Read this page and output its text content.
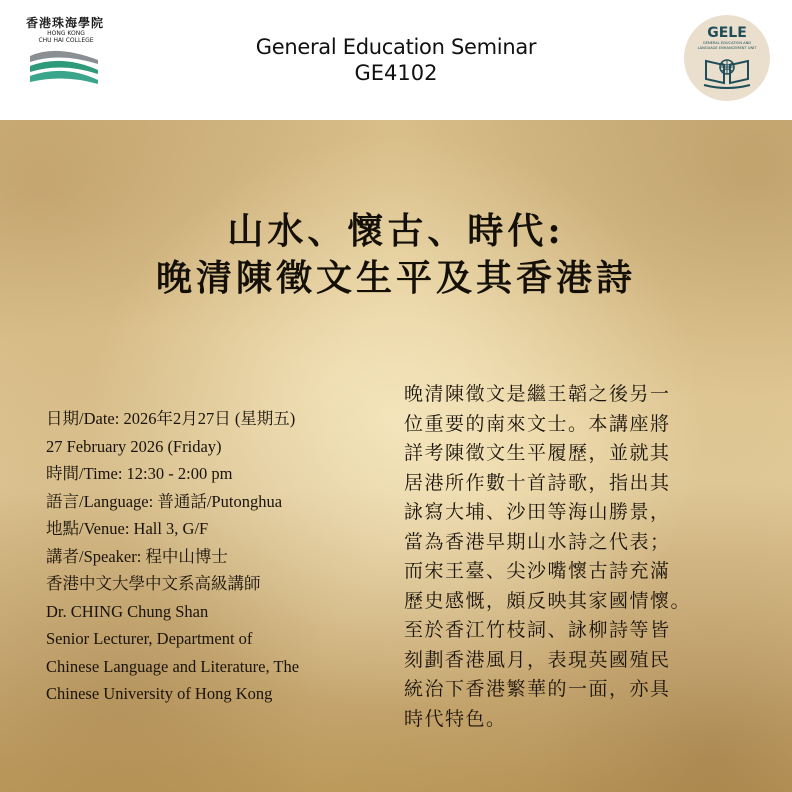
香港珠海學院
HONG KONG
CHU HAI COLLEGE	General Education Seminar
GE4102
GELE
GENERAL EDUCATION AND
LANGUAGE ENHANCEMENT UNIT
山水、懷古、時代:
晚清陳徵文生平及其香港詩
日期/Date: 2026年2月27日 (星期五)
27 February 2026 (Friday)
時間/Time: 12:30 - 2:00 pm
語言/Language: 普通話/Putonghua
地點/Venue: Hall 3, G/F
講者/Speaker: 程中山博士
香港中文大學中文系高級講師
Dr. CHING Chung Shan
Senior Lecturer, Department of
Chinese Language and Literature, The
Chinese University of Hong Kong
晚清陳徵文是繼王韜之後另一
位重要的南來文士。本講座將
詳考陳徵文生平履歷，並就其
居港所作數十首詩歌，指出其
詠寫大埔、沙田等海山勝景，
當為香港早期山水詩之代表；
而宋王臺、尖沙嘴懷古詩充滿
歷史感慨，頗反映其家國情懷。
至於香江竹枝詞、詠柳詩等皆
刻劃香港風月，表現英國殖民
統治下香港繁華的一面，亦具
時代特色。
